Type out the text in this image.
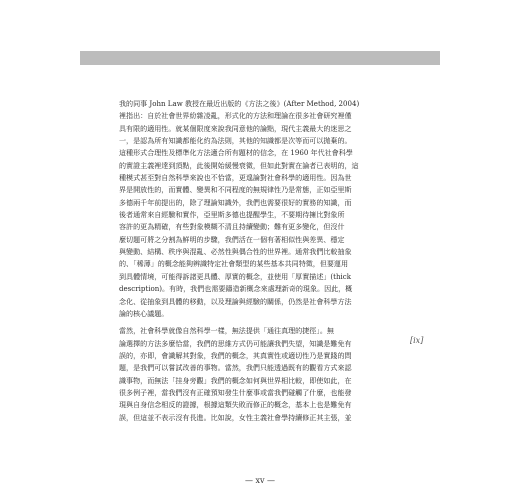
我的同事 John Law 教授在最近出版的《方法之後》(After Method, 2004)
裡指出：自於社會世界紛雜凌亂，形式化的方法和理論在很多社會研究裡僅
具有限的適用性。就某個限度來說我同意他的論點，現代主義最大的迷思之
一，是認為所有知識都能化約為法則，其他的知識都是次等而可以拋棄的。
這種形式合理性及標準化方法適合所有題材的信念，在 1960 年代社會科學
的實證主義裡達到頂點，此後開始緩慢衰微，但如此對實在論者已表明的，這
種模式甚至對自然科學來說也不恰當，更遑論對社會科學的適用性。因為世
界是開放性的，而實體、變異和不同程度的無規律性乃是常態，正如亞里斯
多德兩千年前提出的，除了理論知識外，我們也需要很好的實務的知識，而
後者通常來自經驗和實作，亞里斯多德也提醒學生，不要期待擁比對象所
容許的更為精確，有些對象模糊不清且持續變動；難有更多變化，但沒什
麼切題可將之分割為鮮明的步驟，我們活在一個有著相似性與差異、穩定
與變動、結構、秩序與混亂、必然性與偶合性的世界裡。通常我們比較抽象
的、「稀薄」的概念能夠辨識特定社會類型的某些基本共同特徵，但要運用
到具體情境，可能得訴諸更具體、厚實的概念，並使用「厚實描述」(thick
description)。有時，我們也需要鑄造新概念來處理新奇的現象。因此，概
念化、從抽象到具體的移動，以及理論與經驗的關係，仍然是社會科學方法
論的核心議題。

當然，社會科學就像自然科學一樣，無法提供「通往真理的捷徑」。無
論選擇的方法多麼恰當，我們的思維方式仍可能讓我們失望，知識是難免有
誤的，亦即，會識解其對象，我們的概念，其真實性或適切性乃是實踐的問
題，是我們可以嘗試改善的事物。當然，我們只能透過既有的觀看方式來認
識事物，而無法「挂身旁觀」我們的概念如何與世界相比較，即使如此，在
很多例子裡，當我們沒有正確預知發生什麼事或當我們碰觸了什麼，也能發
現與自身信念相反的證據，根據這類失敗而修正的概念，基本上也是難免有
誤，但這並不表示沒有長進。比如說，女性主義社會學持續修正其主張，並

[ix]
— xv —
